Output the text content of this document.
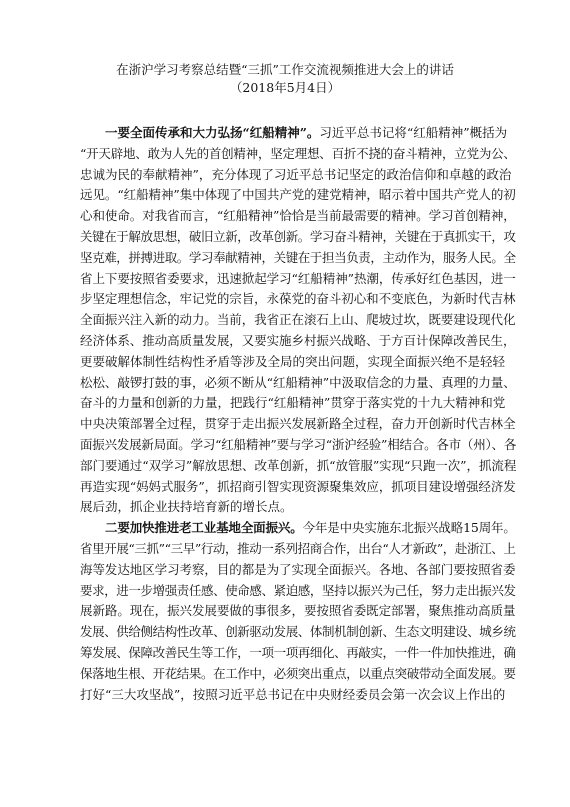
在浙沪学习考察总结暨“三抓”工作交流视频推进大会上的讲话
（2018年5月4日）
一要全面传承和大力弘扬“红船精神”。习近平总书记将“红船精神”概括为
“开天辟地、敢为人先的首创精神，坚定理想、百折不挠的奋斗精神，立党为公、
忠诚为民的奉献精神”，充分体现了习近平总书记坚定的政治信仰和卓越的政治
远见。“红船精神”集中体现了中国共产党的建党精神，昭示着中国共产党人的初
心和使命。对我省而言，“红船精神”恰恰是当前最需要的精神。学习首创精神，
关键在于解放思想，破旧立新，改革创新。学习奋斗精神，关键在于真抓实干，攻
坚克难，拼搏进取。学习奉献精神，关键在于担当负责，主动作为，服务人民。全
省上下要按照省委要求，迅速掀起学习“红船精神”热潮，传承好红色基因，进一
步坚定理想信念，牢记党的宗旨，永葆党的奋斗初心和不变底色，为新时代吉林
全面振兴注入新的动力。当前，我省正在滚石上山、爬坡过坎，既要建设现代化
经济体系、推动高质量发展，又要实施乡村振兴战略、于方百计保障改善民生，
更要破解体制性结构性矛盾等涉及全局的突出问题，实现全面振兴绝不是轻轻
松松、敲锣打鼓的事，必须不断从“红船精神”中汲取信念的力量、真理的力量、
奋斗的力量和创新的力量，把践行“红船精神”贯穿于落实党的十九大精神和党
中央决策部署全过程，贯穿于走出振兴发展新路全过程，奋力开创新时代吉林全
面振兴发展新局面。学习“红船精神”要与学习“浙沪经验”相结合。各市（州）、各
部门要通过“双学习”解放思想、改革创新，抓“放管服”实现“只跑一次”，抓流程
再造实现“妈妈式服务”，抓招商引智实现资源聚集效应，抓项目建设增强经济发
展后劲，抓企业扶持培育新的增长点。
二要加快推进老工业基地全面振兴。今年是中央实施东北振兴战略15周年。
省里开展“三抓”“三早”行动，推动一系列招商合作，出台“人才新政”，赴浙江、上
海等发达地区学习考察，目的都是为了实现全面振兴。各地、各部门要按照省委
要求，进一步增强责任感、使命感、紧迫感，坚持以振兴为己任，努力走出振兴发
展新路。现在，振兴发展要做的事很多，要按照省委既定部署，聚焦推动高质量
发展、供给侧结构性改革、创新驱动发展、体制机制创新、生态文明建设、城乡统
筹发展、保障改善民生等工作，一项一项再细化、再敲实，一件一件加快推进，确
保落地生根、开花结果。在工作中，必须突出重点，以重点突破带动全面发展。要
打好“三大攻坚战”，按照习近平总书记在中央财经委员会第一次会议上作出的
